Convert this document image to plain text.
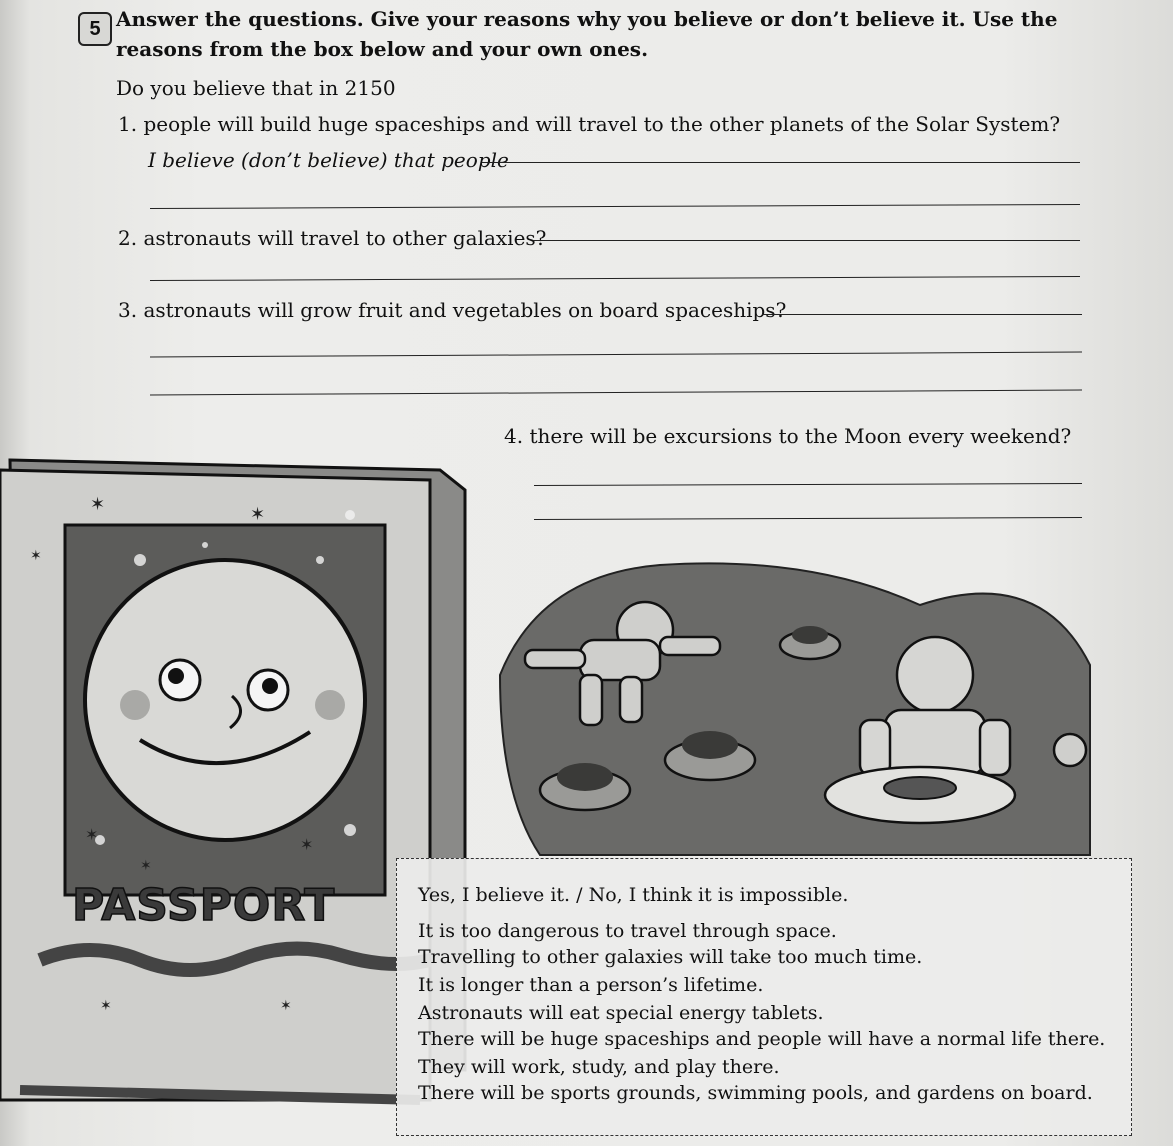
5 Answer the questions. Give your reasons why you believe or don’t believe it. Use the reasons from the box below and your own ones.
Do you believe that in 2150
1. people will build huge spaceships and will travel to the other planets of the Solar System?
I believe (don’t believe) that people
2. astronauts will travel to other galaxies?
3. astronauts will grow fruit and vegetables on board spaceships?
✶	✶
✶
✶
✶
✶
✶	✶
PASSPORT
4. there will be excursions to the Moon every weekend?
Yes, I believe it. / No, I think it is impossible.
It is too dangerous to travel through space.
Travelling to other galaxies will take too much time.
It is longer than a person’s lifetime.
Astronauts will eat special energy tablets.
There will be huge spaceships and people will have a normal life there.
They will work, study, and play there.
There will be sports grounds, swimming pools, and gardens on board.
